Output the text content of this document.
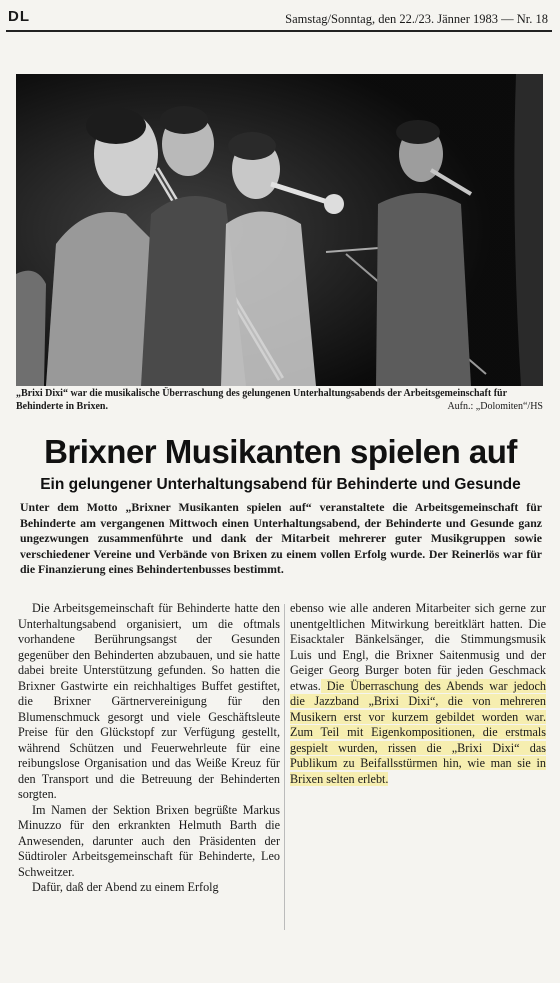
DL	Samstag/Sonntag, den 22./23. Jänner 1983 — Nr. 18
„Brixi Dixi“ war die musikalische Überraschung des gelungenen Unterhaltungsabends der Arbeitsgemeinschaft für Behinderte in Brixen.	Aufn.: „Dolomiten“/HS
Brixner Musikanten spielen auf
Ein gelungener Unterhaltungsabend für Behinderte und Gesunde
Unter dem Motto „Brixner Musikanten spielen auf“ veranstaltete die Arbeitsgemeinschaft für Behinderte am vergangenen Mittwoch einen Unterhaltungsabend, der Behinderte und Gesunde ganz ungezwungen zusammenführte und dank der Mitarbeit mehrerer guter Musikgruppen sowie verschiedener Vereine und Verbände von Brixen zu einem vollen Erfolg wurde. Der Reinerlös war für die Finanzierung eines Behindertenbusses bestimmt.

Die Arbeitsgemeinschaft für Behinderte hatte den Unterhaltungsabend organisiert, um die oftmals vorhandene Berührungsangst der Gesunden gegenüber den Behinderten abzubauen, und sie hatte dabei breite Unterstützung gefunden. So hatten die Brixner Gastwirte ein reichhaltiges Buffet gestiftet, die Brixner Gärtnervereinigung für den Blumenschmuck gesorgt und viele Geschäftsleute Preise für den Glückstopf zur Verfügung gestellt, während Schützen und Feuerwehrleute für eine reibungslose Organisation und das Weiße Kreuz für den Transport und die Betreuung der Behinderten sorgten.

Im Namen der Sektion Brixen begrüßte Markus Minuzzo für den erkrankten Helmuth Barth die Anwesenden, darunter auch den Präsidenten der Südtiroler Arbeitsgemeinschaft für Behinderte, Leo Schweitzer.

Dafür, daß der Abend zu einem Erfolg

ebenso wie alle anderen Mitarbeiter sich gerne zur unentgeltlichen Mitwirkung bereitklärt hatten. Die Eisacktaler Bänkelsänger, die Stimmungsmusik Luis und Engl, die Brixner Saitenmusig und der Geiger Georg Burger boten für jeden Geschmack etwas. Die Überraschung des Abends war jedoch die Jazzband „Brixi Dixi“, die von mehreren Musikern erst vor kurzem gebildet worden war. Zum Teil mit Eigenkompositionen, die erstmals gespielt wurden, rissen die „Brixi Dixi“ das Publikum zu Beifallsstürmen hin, wie man sie in Brixen selten erlebt.
